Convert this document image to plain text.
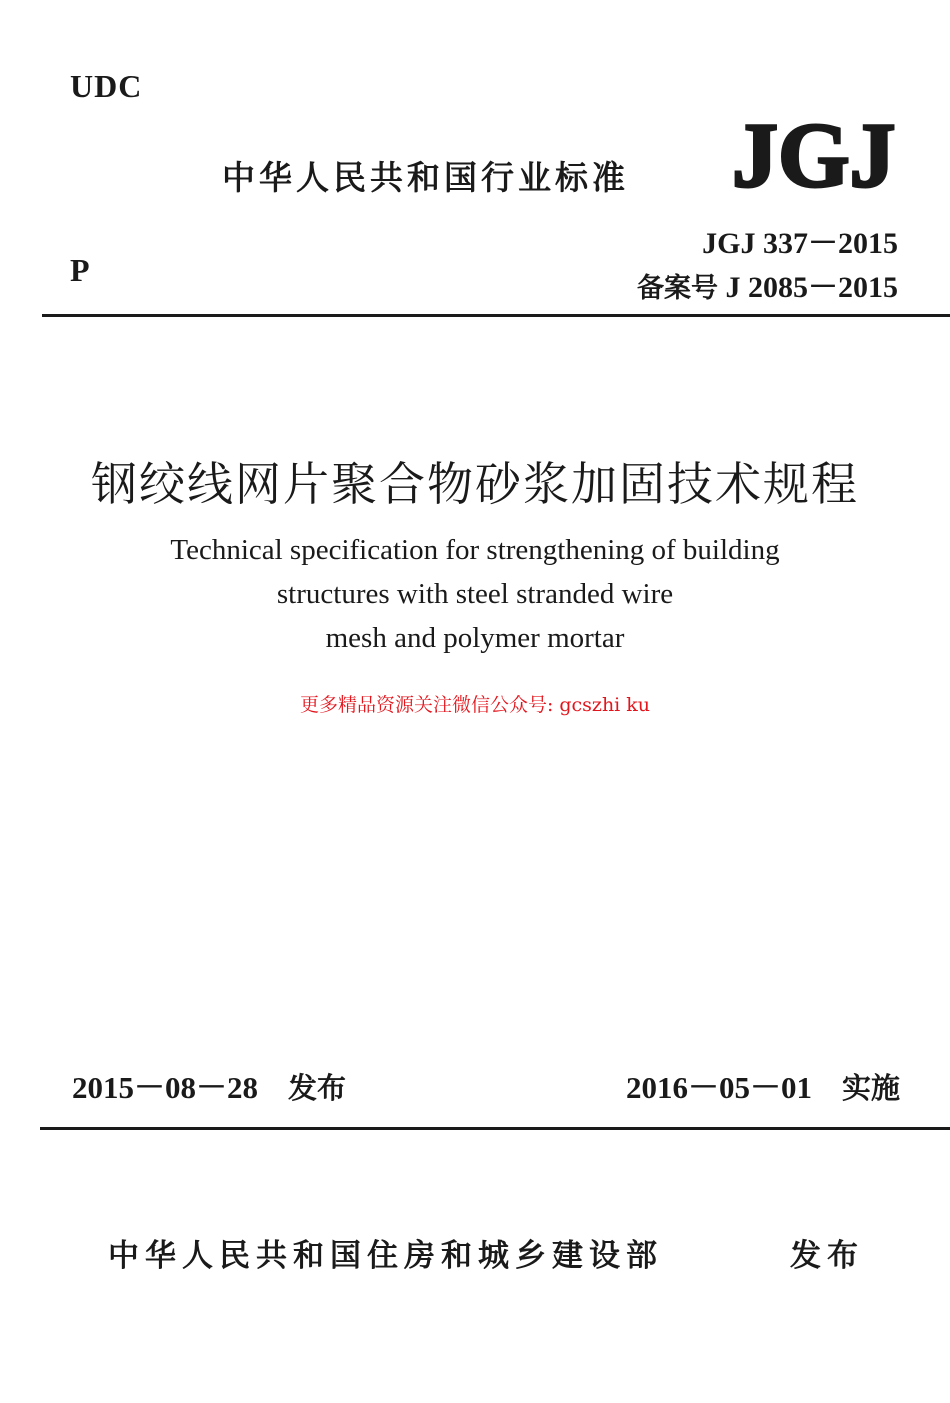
UDC
中华人民共和国行业标准 JGJ
JGJ 337－2015
P
备案号 J 2085－2015
钢绞线网片聚合物砂浆加固技术规程
Technical specification for strengthening of building
structures with steel stranded wire
mesh and polymer mortar
更多精品资源关注微信公众号: gcszhi ku
2015－08－28 发布	2016－05－01 实施
中华人民共和国住房和城乡建设部	发布
